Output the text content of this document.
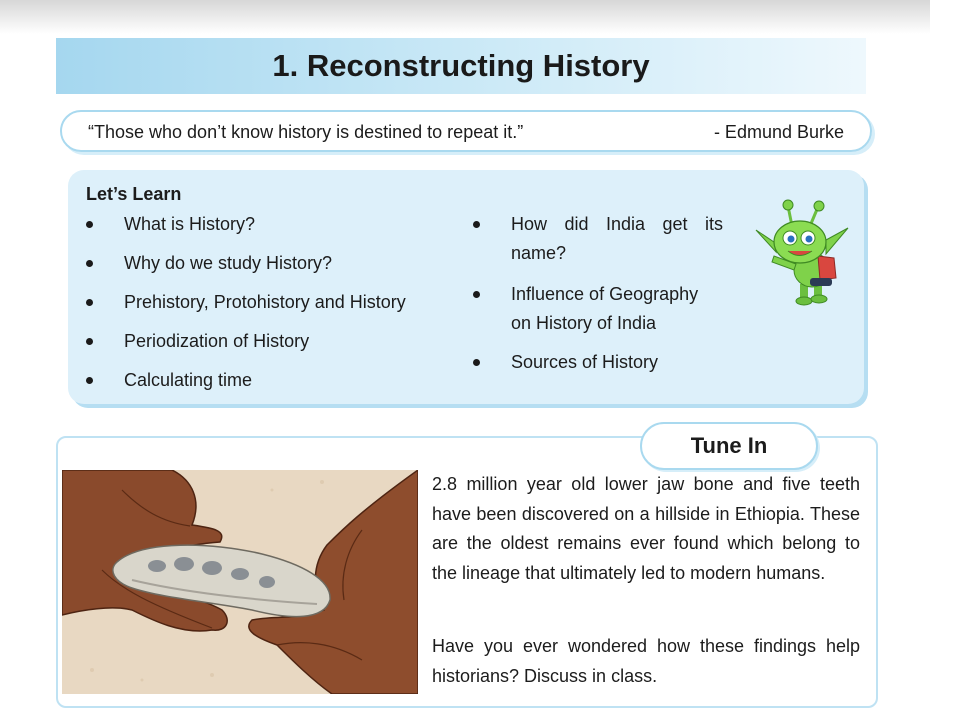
1. Reconstructing History
“Those who don’t know history is destined to repeat it.”	- Edmund Burke
Let’s Learn
What is History?
Why do we study History?
Prehistory, Protohistory and History
Periodization of History
Calculating time
How did India get its
name?
Influence of Geography
on History of India
Sources of History
Tune In

2.8 million year old lower jaw bone and five teeth have been discovered on a hillside in Ethiopia. These are the oldest remains ever found which belong to the lineage that ultimately led to modern humans.

Have you ever wondered how these findings help historians? Discuss in class.
